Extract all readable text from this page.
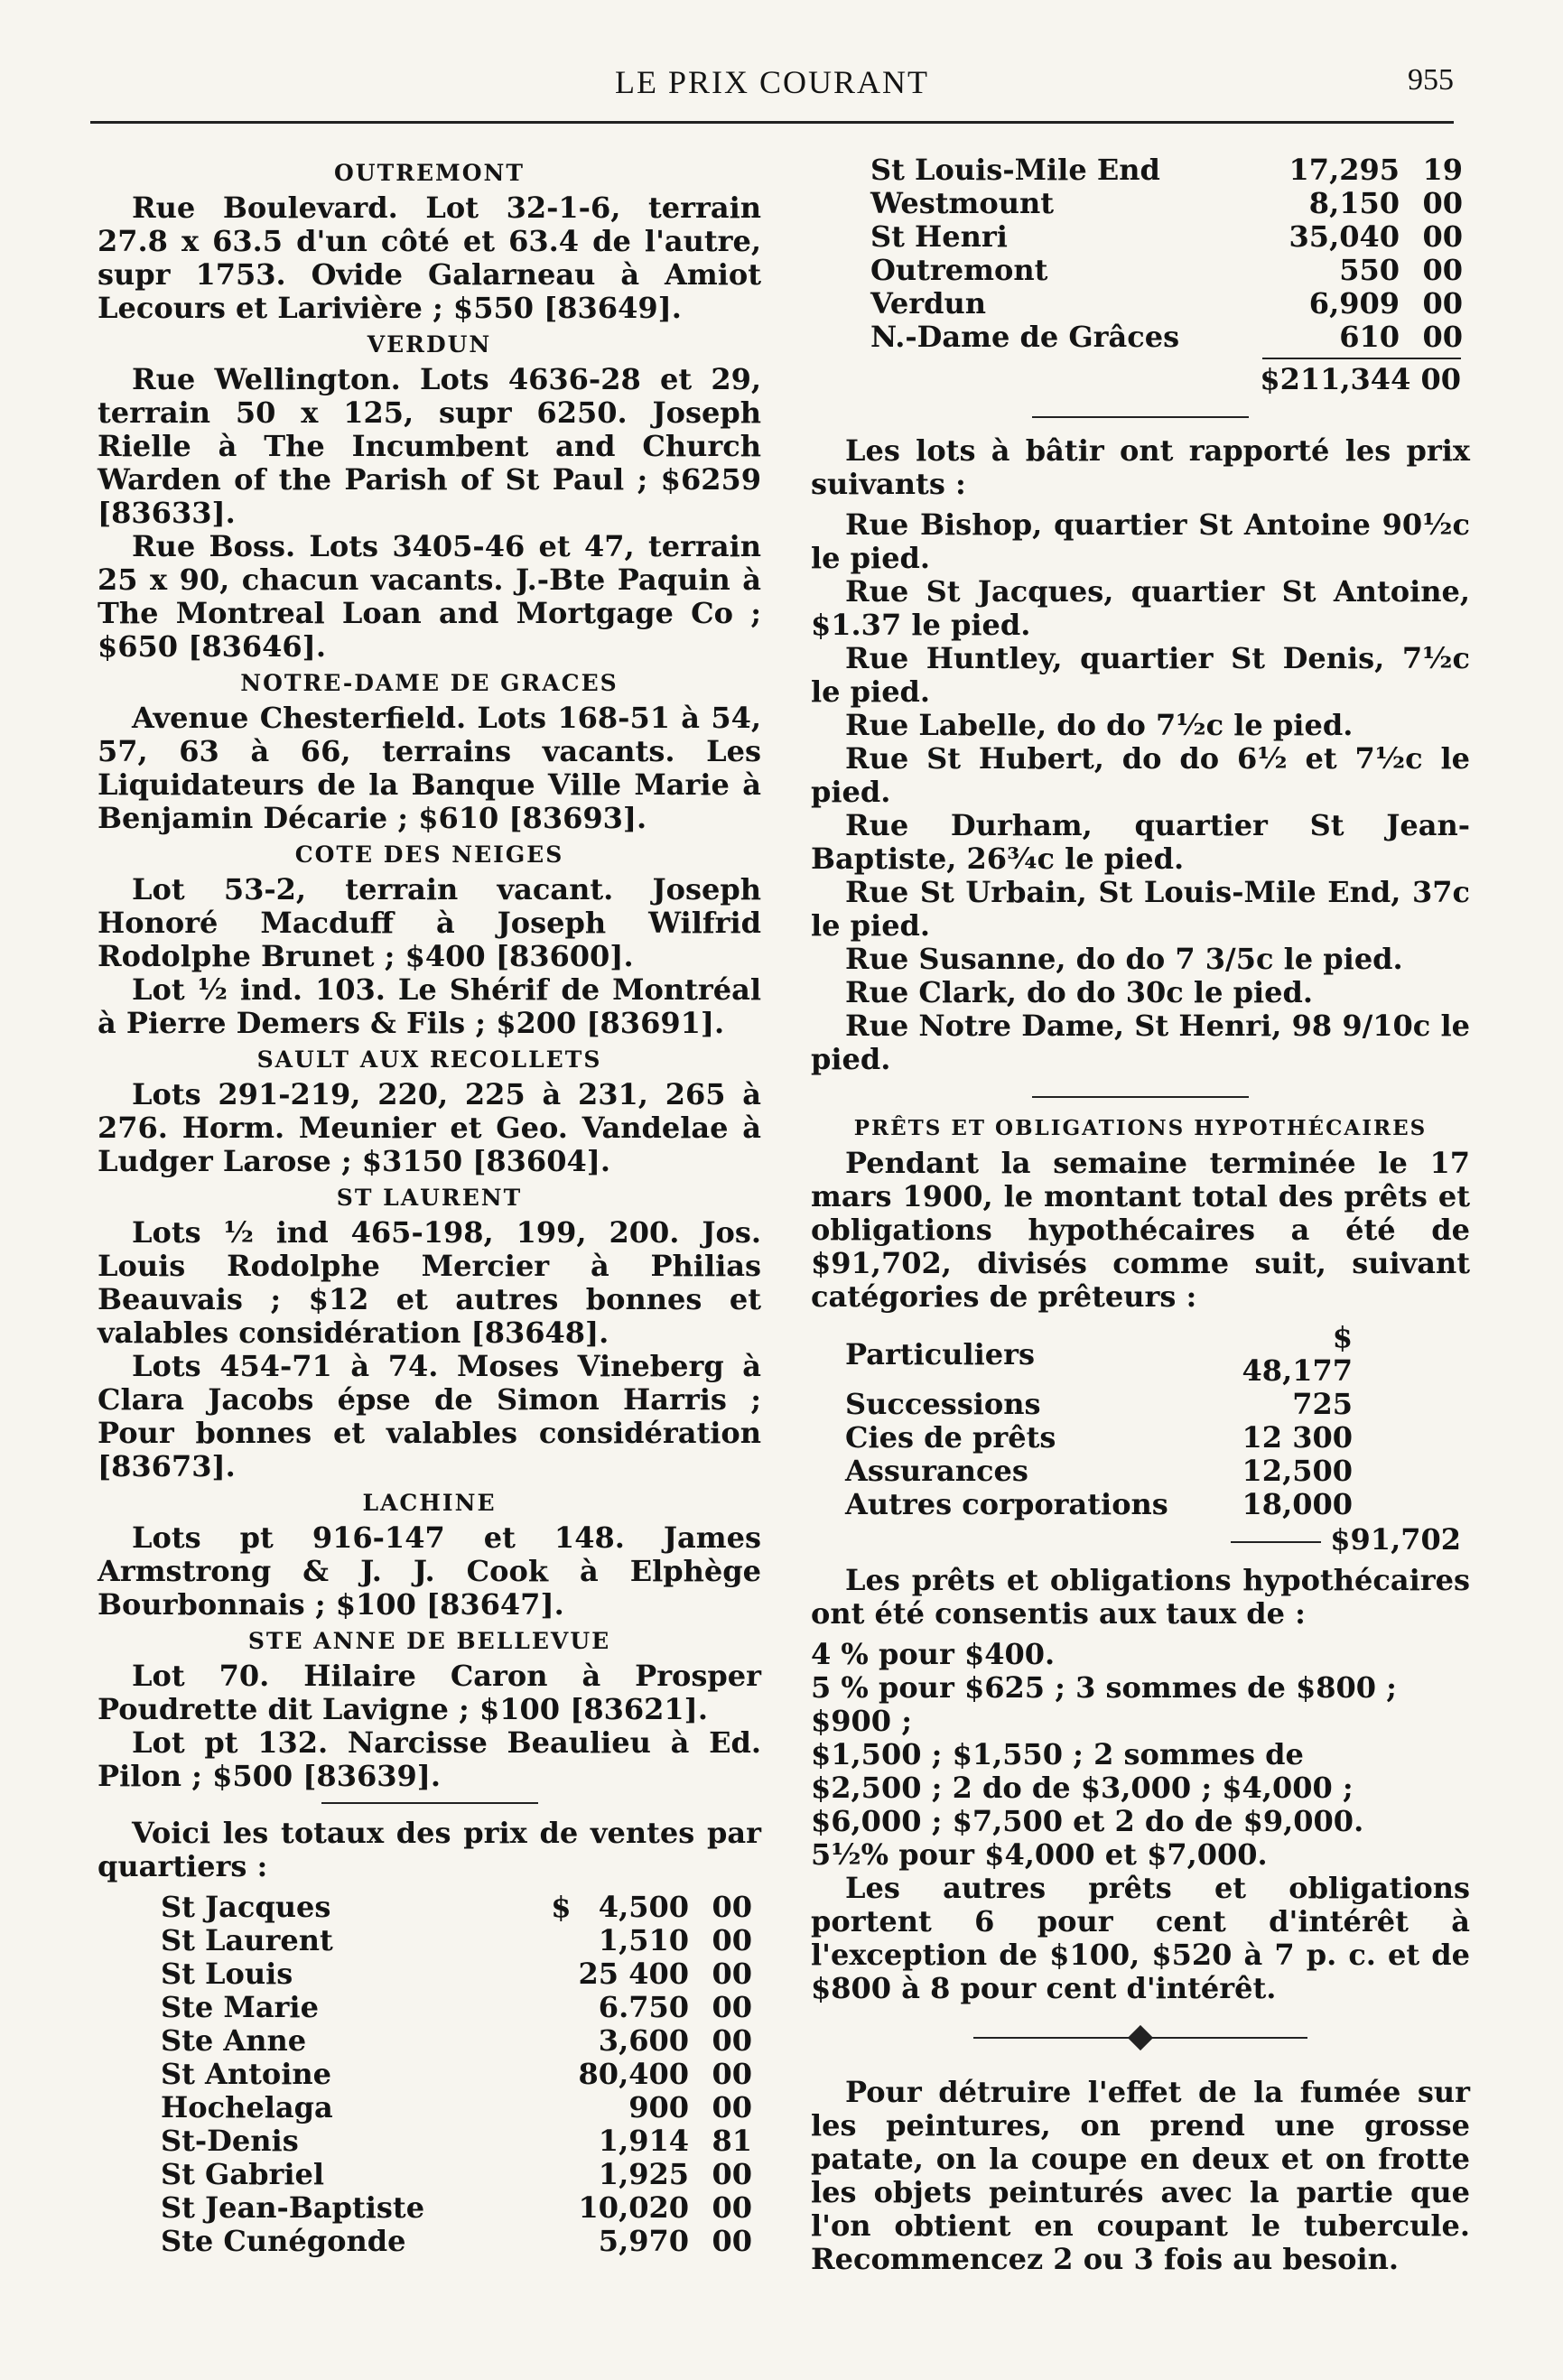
LE PRIX COURANT	955
OUTREMONT

Rue Boulevard. Lot 32-1-6, terrain 27.8 x 63.5 d'un côté et 63.4 de l'autre, supr 1753. Ovide Galarneau à Amiot Lecours et Larivière ; $550 [83649].

VERDUN

Rue Wellington. Lots 4636-28 et 29, terrain 50 x 125, supr 6250. Joseph Rielle à The Incumbent and Church Warden of the Parish of St Paul ; $6259 [83633].

Rue Boss. Lots 3405-46 et 47, terrain 25 x 90, chacun vacants. J.-Bte Paquin à The Montreal Loan and Mortgage Co ; $650 [83646].

NOTRE-DAME DE GRACES

Avenue Chesterfield. Lots 168-51 à 54, 57, 63 à 66, terrains vacants. Les Liquidateurs de la Banque Ville Marie à Benjamin Décarie ; $610 [83693].

COTE DES NEIGES

Lot 53-2, terrain vacant. Joseph Honoré Macduff à Joseph Wilfrid Rodolphe Brunet ; $400 [83600].

Lot ½ ind. 103. Le Shérif de Montréal à Pierre Demers & Fils ; $200 [83691].

SAULT AUX RECOLLETS

Lots 291-219, 220, 225 à 231, 265 à 276. Horm. Meunier et Geo. Vandelae à Ludger Larose ; $3150 [83604].

ST LAURENT

Lots ½ ind 465-198, 199, 200. Jos. Louis Rodolphe Mercier à Philias Beauvais ; $12 et autres bonnes et valables considération [83648].

Lots 454-71 à 74. Moses Vineberg à Clara Jacobs épse de Simon Harris ; Pour bonnes et valables considération [83673].

LACHINE

Lots pt 916-147 et 148. James Armstrong & J. J. Cook à Elphège Bourbonnais ; $100 [83647].

STE ANNE DE BELLEVUE

Lot 70. Hilaire Caron à Prosper Poudrette dit Lavigne ; $100 [83621].

Lot pt 132. Narcisse Beaulieu à Ed. Pilon ; $500 [83639].

Voici les totaux des prix de ventes par quartiers :

St Jacques	$	4,500	00
St Laurent		1,510	00
St Louis		25 400	00
Ste Marie		6.750	00
Ste Anne		3,600	00
St Antoine		80,400	00
Hochelaga		900	00
St-Denis		1,914	81
St Gabriel		1,925	00
St Jean-Baptiste		10,020	00
Ste Cunégonde		5,970	00
St Louis-Mile End	17,295	19
Westmount	8,150	00
St Henri	35,040	00
Outremont	550	00
Verdun	6,909	00
N.-Dame de Grâces	610	00
$211,344 00

Les lots à bâtir ont rapporté les prix suivants :

Rue Bishop, quartier St Antoine 90½c le pied.

Rue St Jacques, quartier St Antoine, $1.37 le pied.

Rue Huntley, quartier St Denis, 7½c le pied.

Rue Labelle, do do 7½c le pied.

Rue St Hubert, do do 6½ et 7½c le pied.

Rue Durham, quartier St Jean-Baptiste, 26¾c le pied.

Rue St Urbain, St Louis-Mile End, 37c le pied.

Rue Susanne, do do 7 3/5c le pied.

Rue Clark, do do 30c le pied.

Rue Notre Dame, St Henri, 98 9/10c le pied.

PRÊTS ET OBLIGATIONS HYPOTHÉCAIRES

Pendant la semaine terminée le 17 mars 1900, le montant total des prêts et obligations hypothécaires a été de $91,702, divisés comme suit, suivant catégories de prêteurs :

Particuliers	$ 48,177	
Successions	725	
Cies de prêts	12 300	
Assurances	12,500	
Autres corporations	18,000	
$91,702

Les prêts et obligations hypothécaires ont été consentis aux taux de :

4 % pour $400.
5 % pour $625 ; 3 sommes de $800 ; $900 ;
$1,500 ; $1,550 ; 2 sommes de
$2,500 ; 2 do de $3,000 ; $4,000 ;
$6,000 ; $7,500 et 2 do de $9,000.
5½% pour $4,000 et $7,000.

Les autres prêts et obligations portent 6 pour cent d'intérêt à l'exception de $100, $520 à 7 p. c. et de $800 à 8 pour cent d'intérêt.

Pour détruire l'effet de la fumée sur les peintures, on prend une grosse patate, on la coupe en deux et on frotte les objets peinturés avec la partie que l'on obtient en coupant le tubercule. Recommencez 2 ou 3 fois au besoin.
